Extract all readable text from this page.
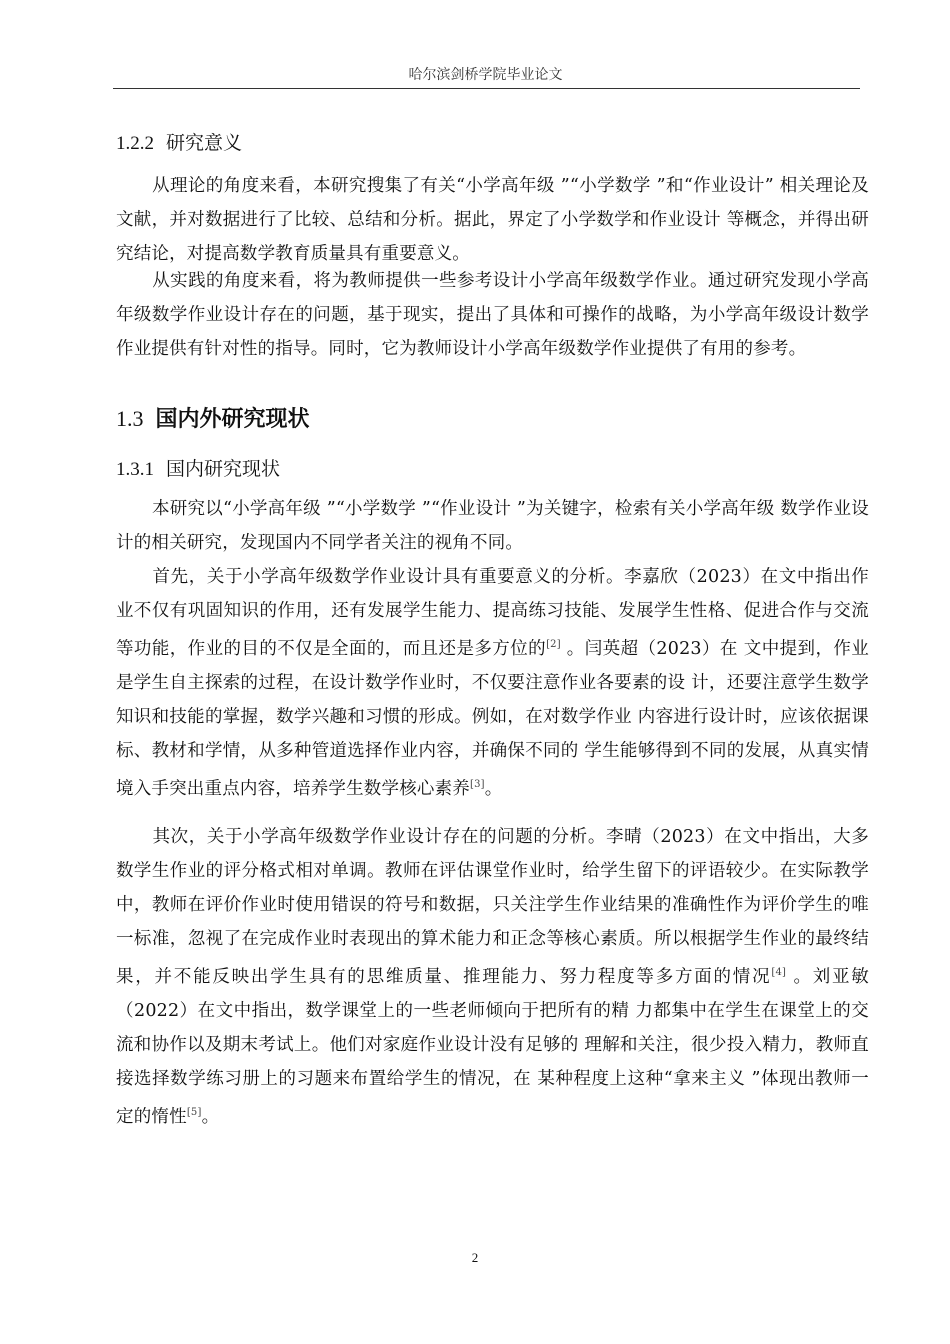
哈尔滨剑桥学院毕业论文
1.2.2 研究意义
从理论的角度来看，本研究搜集了有关“小学高年级 ”“小学数学 ”和“作业设计” 相关理论及文献，并对数据进行了比较、总结和分析。据此，界定了小学数学和作业设计 等概念，并得出研究结论，对提高数学教育质量具有重要意义。
从实践的角度来看，将为教师提供一些参考设计小学高年级数学作业。通过研究发现小学高年级数学作业设计存在的问题，基于现实，提出了具体和可操作的战略，为小学高年级设计数学作业提供有针对性的指导。同时，它为教师设计小学高年级数学作业提供了有用的参考。
1.3 国内外研究现状
1.3.1 国内研究现状
本研究以“小学高年级 ”“小学数学 ”“作业设计 ”为关键字，检索有关小学高年级 数学作业设计的相关研究，发现国内不同学者关注的视角不同。
首先，关于小学高年级数学作业设计具有重要意义的分析。李嘉欣（2023）在文中指出作业不仅有巩固知识的作用，还有发展学生能力、提高练习技能、发展学生性格、促进合作与交流等功能，作业的目的不仅是全面的，而且还是多方位的[2] 。闫英超（2023）在 文中提到，作业是学生自主探索的过程，在设计数学作业时，不仅要注意作业各要素的设 计，还要注意学生数学知识和技能的掌握，数学兴趣和习惯的形成。例如，在对数学作业 内容进行设计时，应该依据课标、教材和学情，从多种管道选择作业内容，并确保不同的 学生能够得到不同的发展，从真实情境入手突出重点内容，培养学生数学核心素养[3]。
其次，关于小学高年级数学作业设计存在的问题的分析。李晴（2023）在文中指出，大多数学生作业的评分格式相对单调。教师在评估课堂作业时，给学生留下的评语较少。在实际教学中，教师在评价作业时使用错误的符号和数据，只关注学生作业结果的准确性作为评价学生的唯一标准，忽视了在完成作业时表现出的算术能力和正念等核心素质。所以根据学生作业的最终结果，并不能反映出学生具有的思维质量、推理能力、努力程度等多方面的情况[4] 。刘亚敏（2022）在文中指出，数学课堂上的一些老师倾向于把所有的精 力都集中在学生在课堂上的交流和协作以及期末考试上。他们对家庭作业设计没有足够的 理解和关注，很少投入精力，教师直接选择数学练习册上的习题来布置给学生的情况，在 某种程度上这种“拿来主义 ”体现出教师一定的惰性[5]。
2
